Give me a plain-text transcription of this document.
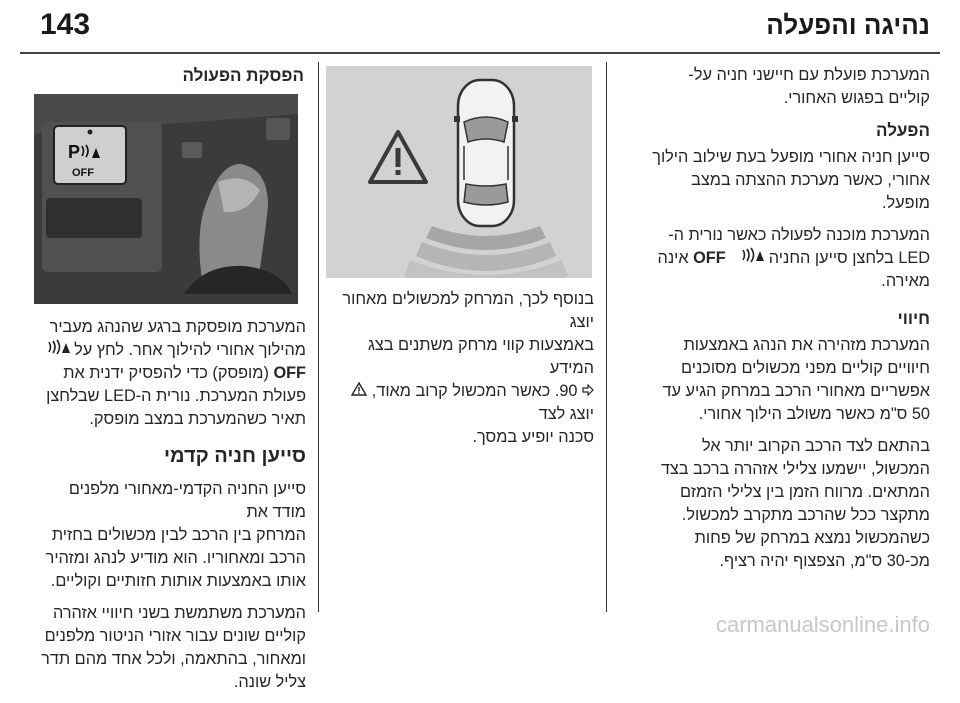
143	נהיגה והפעלה

המערכת פועלת עם חיישני חניה על-
קוליים בפגוש האחורי.

הפעלה

סייען חניה אחורי מופעל בעת שילוב הילוך
אחורי, כאשר מערכת ההצתה במצב
מופעל.

המערכת מוכנה לפעולה כאשר נורית ה-
LED בלחצן סייען החניה
OFF אינה
מאירה.

חיווי

המערכת מזהירה את הנהג באמצעות
חיוויים קוליים מפני מכשולים מסוכנים
אפשריים מאחורי הרכב במרחק הגיע עד
50 ס"מ כאשר משולב הילוך אחורי.

בהתאם לצד הרכב הקרוב יותר אל
המכשול, יישמעו צלילי אזהרה ברכב בצד
המתאים. מרווח הזמן בין צלילי הזמזם
מתקצר ככל שהרכב מתקרב למכשול.
כשהמכשול נמצא במרחק של פחות
מכ-30 ס"מ, הצפצוף יהיה רציף.

בנוסף לכך, המרחק למכשולים מאחור יוצג
באמצעות קווי מרחק משתנים בצג המידע
90. כאשר המכשול קרוב מאוד,  יוצג לצד
סכנה יופיע במסך.

הפסקת הפעולה
P
OFF

המערכת מופסקת ברגע שהנהג מעביר
מהילוך אחורי להילוך אחר. לחץ על

OFF (מופסק) כדי להפסיק ידנית את
פעולת המערכת. נורית ה-LED שבלחצן
תאיר כשהמערכת במצב מופסק.

סייען חניה קדמי

סייען החניה הקדמי-מאחורי מלפנים מודד את
המרחק בין הרכב לבין מכשולים בחזית
הרכב ומאחוריו. הוא מודיע לנהג ומזהיר
אותו באמצעות אותות חזותיים וקוליים.

המערכת משתמשת בשני חיוויי אזהרה
קוליים שונים עבור אזורי הניטור מלפנים
ומאחור, בהתאמה, ולכל אחד מהם תדר
צליל שונה.

carmanualsonline.info
